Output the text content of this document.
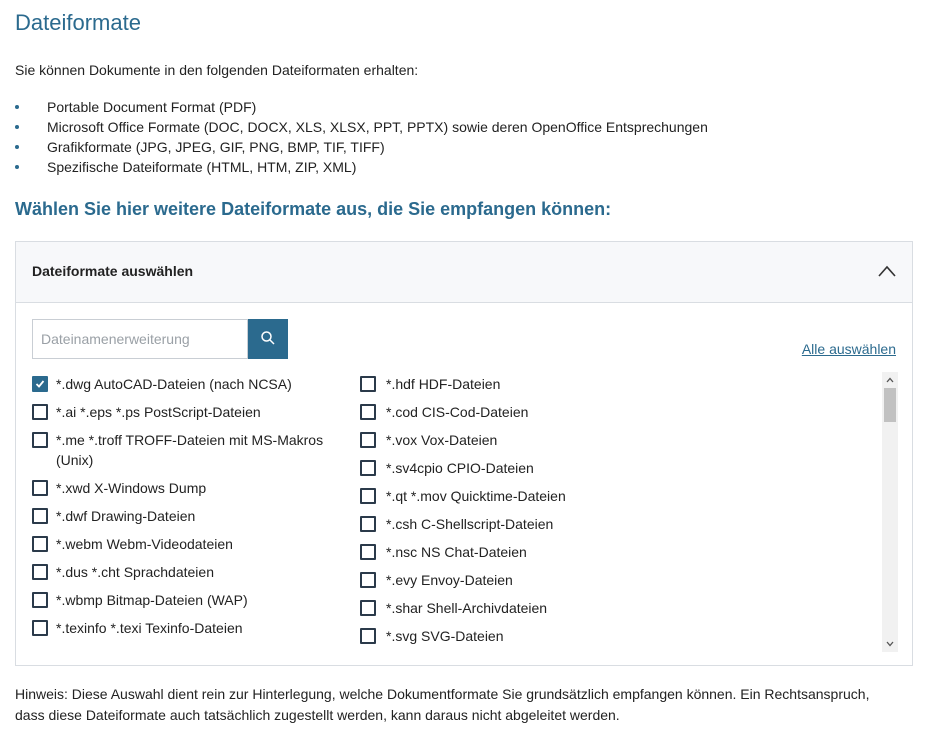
Dateiformate

Sie können Dokumente in den folgenden Dateiformaten erhalten:

Portable Document Format (PDF)
Microsoft Office Formate (DOC, DOCX, XLS, XLSX, PPT, PPTX) sowie deren OpenOffice Entsprechungen
Grafikformate (JPG, JPEG, GIF, PNG, BMP, TIF, TIFF)
Spezifische Dateiformate (HTML, HTM, ZIP, XML)
Wählen Sie hier weitere Dateiformate aus, die Sie empfangen können:
Dateiformate auswählen
Dateinamenerweiterung
Alle auswählen
*.dwg AutoCAD-Dateien (nach NCSA)
*.ai *.eps *.ps PostScript-Dateien
*.me *.troff TROFF-Dateien mit MS-Makros (Unix)
*.xwd X-Windows Dump
*.dwf Drawing-Dateien
*.webm Webm-Videodateien
*.dus *.cht Sprachdateien
*.wbmp Bitmap-Dateien (WAP)
*.texinfo *.texi Texinfo-Dateien
*.hdf HDF-Dateien
*.cod CIS-Cod-Dateien
*.vox Vox-Dateien
*.sv4cpio CPIO-Dateien
*.qt *.mov Quicktime-Dateien
*.csh C-Shellscript-Dateien
*.nsc NS Chat-Dateien
*.evy Envoy-Dateien
*.shar Shell-Archivdateien
*.svg SVG-Dateien

Hinweis: Diese Auswahl dient rein zur Hinterlegung, welche Dokumentformate Sie grundsätzlich empfangen können. Ein Rechtsanspruch, dass diese Dateiformate auch tatsächlich zugestellt werden, kann daraus nicht abgeleitet werden.
